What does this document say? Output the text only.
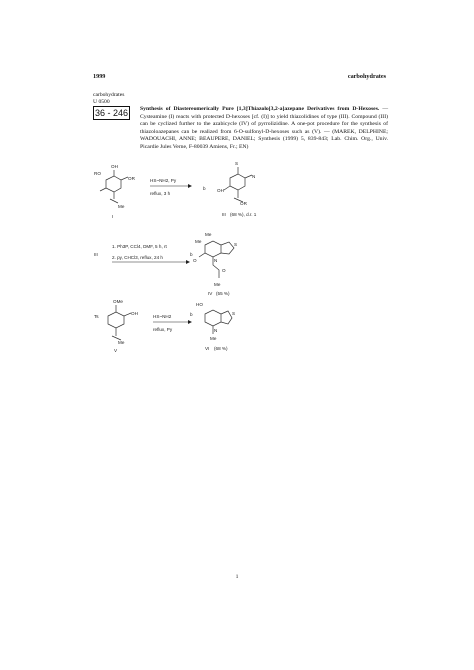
1999	carbohydrates
carbohydrates
U 0500
36 - 246	Synthesis of Diastereomerically Pure [1,3]Thiazolo[3,2-a]azepane Derivatives from D-Hexoses. — Cysteamine (I) reacts with protected D-hexoses [cf. (I)] to yield thiazolidines of type (III). Compound (III) can be cyclized further to the azabicycle (IV) of pyrrolizidine. A one-pot procedure for the synthesis of thiazoloazepanes can be realized from 6-O-sulfonyl-D-hexoses such as (V). — (MAREK, DELPHINE; WADOUACHI, ANNE; BEAUPERE, DANIEL; Synthesis (1999) 5, 839-843; Lab. Chim. Org., Univ. Picardie Jules Verne, F-80039 Amiens, Fr.; EN)
RO
OR
OH
Me
I
HS~NH2, Py
reflux, 3 h
b
S
N
OH
OR
III (68 %), d.r. 1
III
1. Ph3P, CCl4, DMF, 5 h, rt
2. py, CHCl3, reflux, 24 h
b
Me
Me
S
N
O
O
Me
IV (55 %)
Ts
OH
OMe
Me
V
HS~NH2
reflux, Py
b
HO
S
N
Me
VI (68 %)
1
